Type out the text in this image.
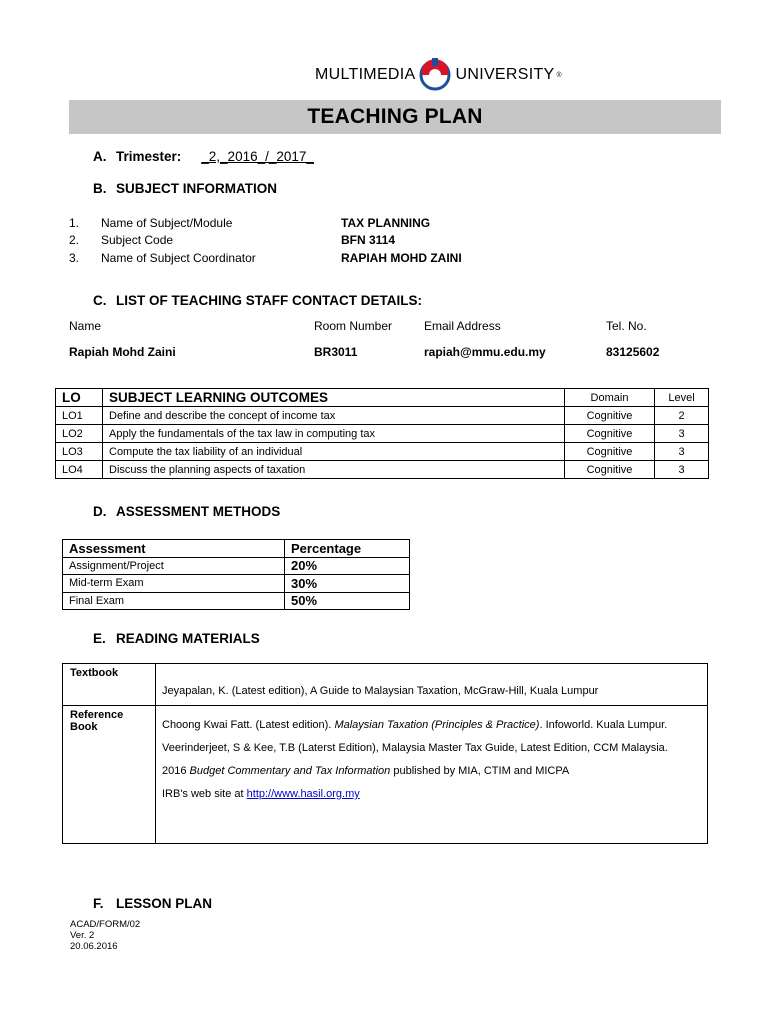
MULTIMEDIA	UNIVERSITY ®
TEACHING PLAN
A. Trimester: _2,_2016_/_2017_
B. SUBJECT INFORMATION
1.	Name of Subject/Module	TAX PLANNING
2.	Subject Code	BFN 3114
3.	Name of Subject Coordinator	RAPIAH MOHD ZAINI
C. LIST OF TEACHING STAFF CONTACT DETAILS:
Name	Room Number	Email Address	Tel. No.
Rapiah Mohd Zaini	BR3011	rapiah@mmu.edu.my	83125602
LO	SUBJECT LEARNING OUTCOMES	Domain	Level
LO1	Define and describe the concept of income tax	Cognitive	2
LO2	Apply the fundamentals of the tax law in computing tax	Cognitive	3
LO3	Compute the tax liability of an individual	Cognitive	3
LO4	Discuss the planning aspects of taxation	Cognitive	3
D. ASSESSMENT METHODS
Assessment	Percentage
Assignment/Project	20%
Mid-term Exam	30%
Final Exam	50%
E. READING MATERIALS
Textbook	Jeyapalan, K. (Latest edition), A Guide to Malaysian Taxation, McGraw-Hill, Kuala Lumpur

Reference Book	Choong Kwai Fatt. (Latest edition). Malaysian Taxation (Principles & Practice). Infoworld. Kuala Lumpur.

Veerinderjeet, S & Kee, T.B (Laterst Edition), Malaysia Master Tax Guide, Latest Edition, CCM Malaysia.

2016 Budget Commentary and Tax Information published by MIA, CTIM and MICPA

IRB's web site at http://www.hasil.org.my

F. LESSON PLAN
ACAD/FORM/02
Ver. 2
20.06.2016
